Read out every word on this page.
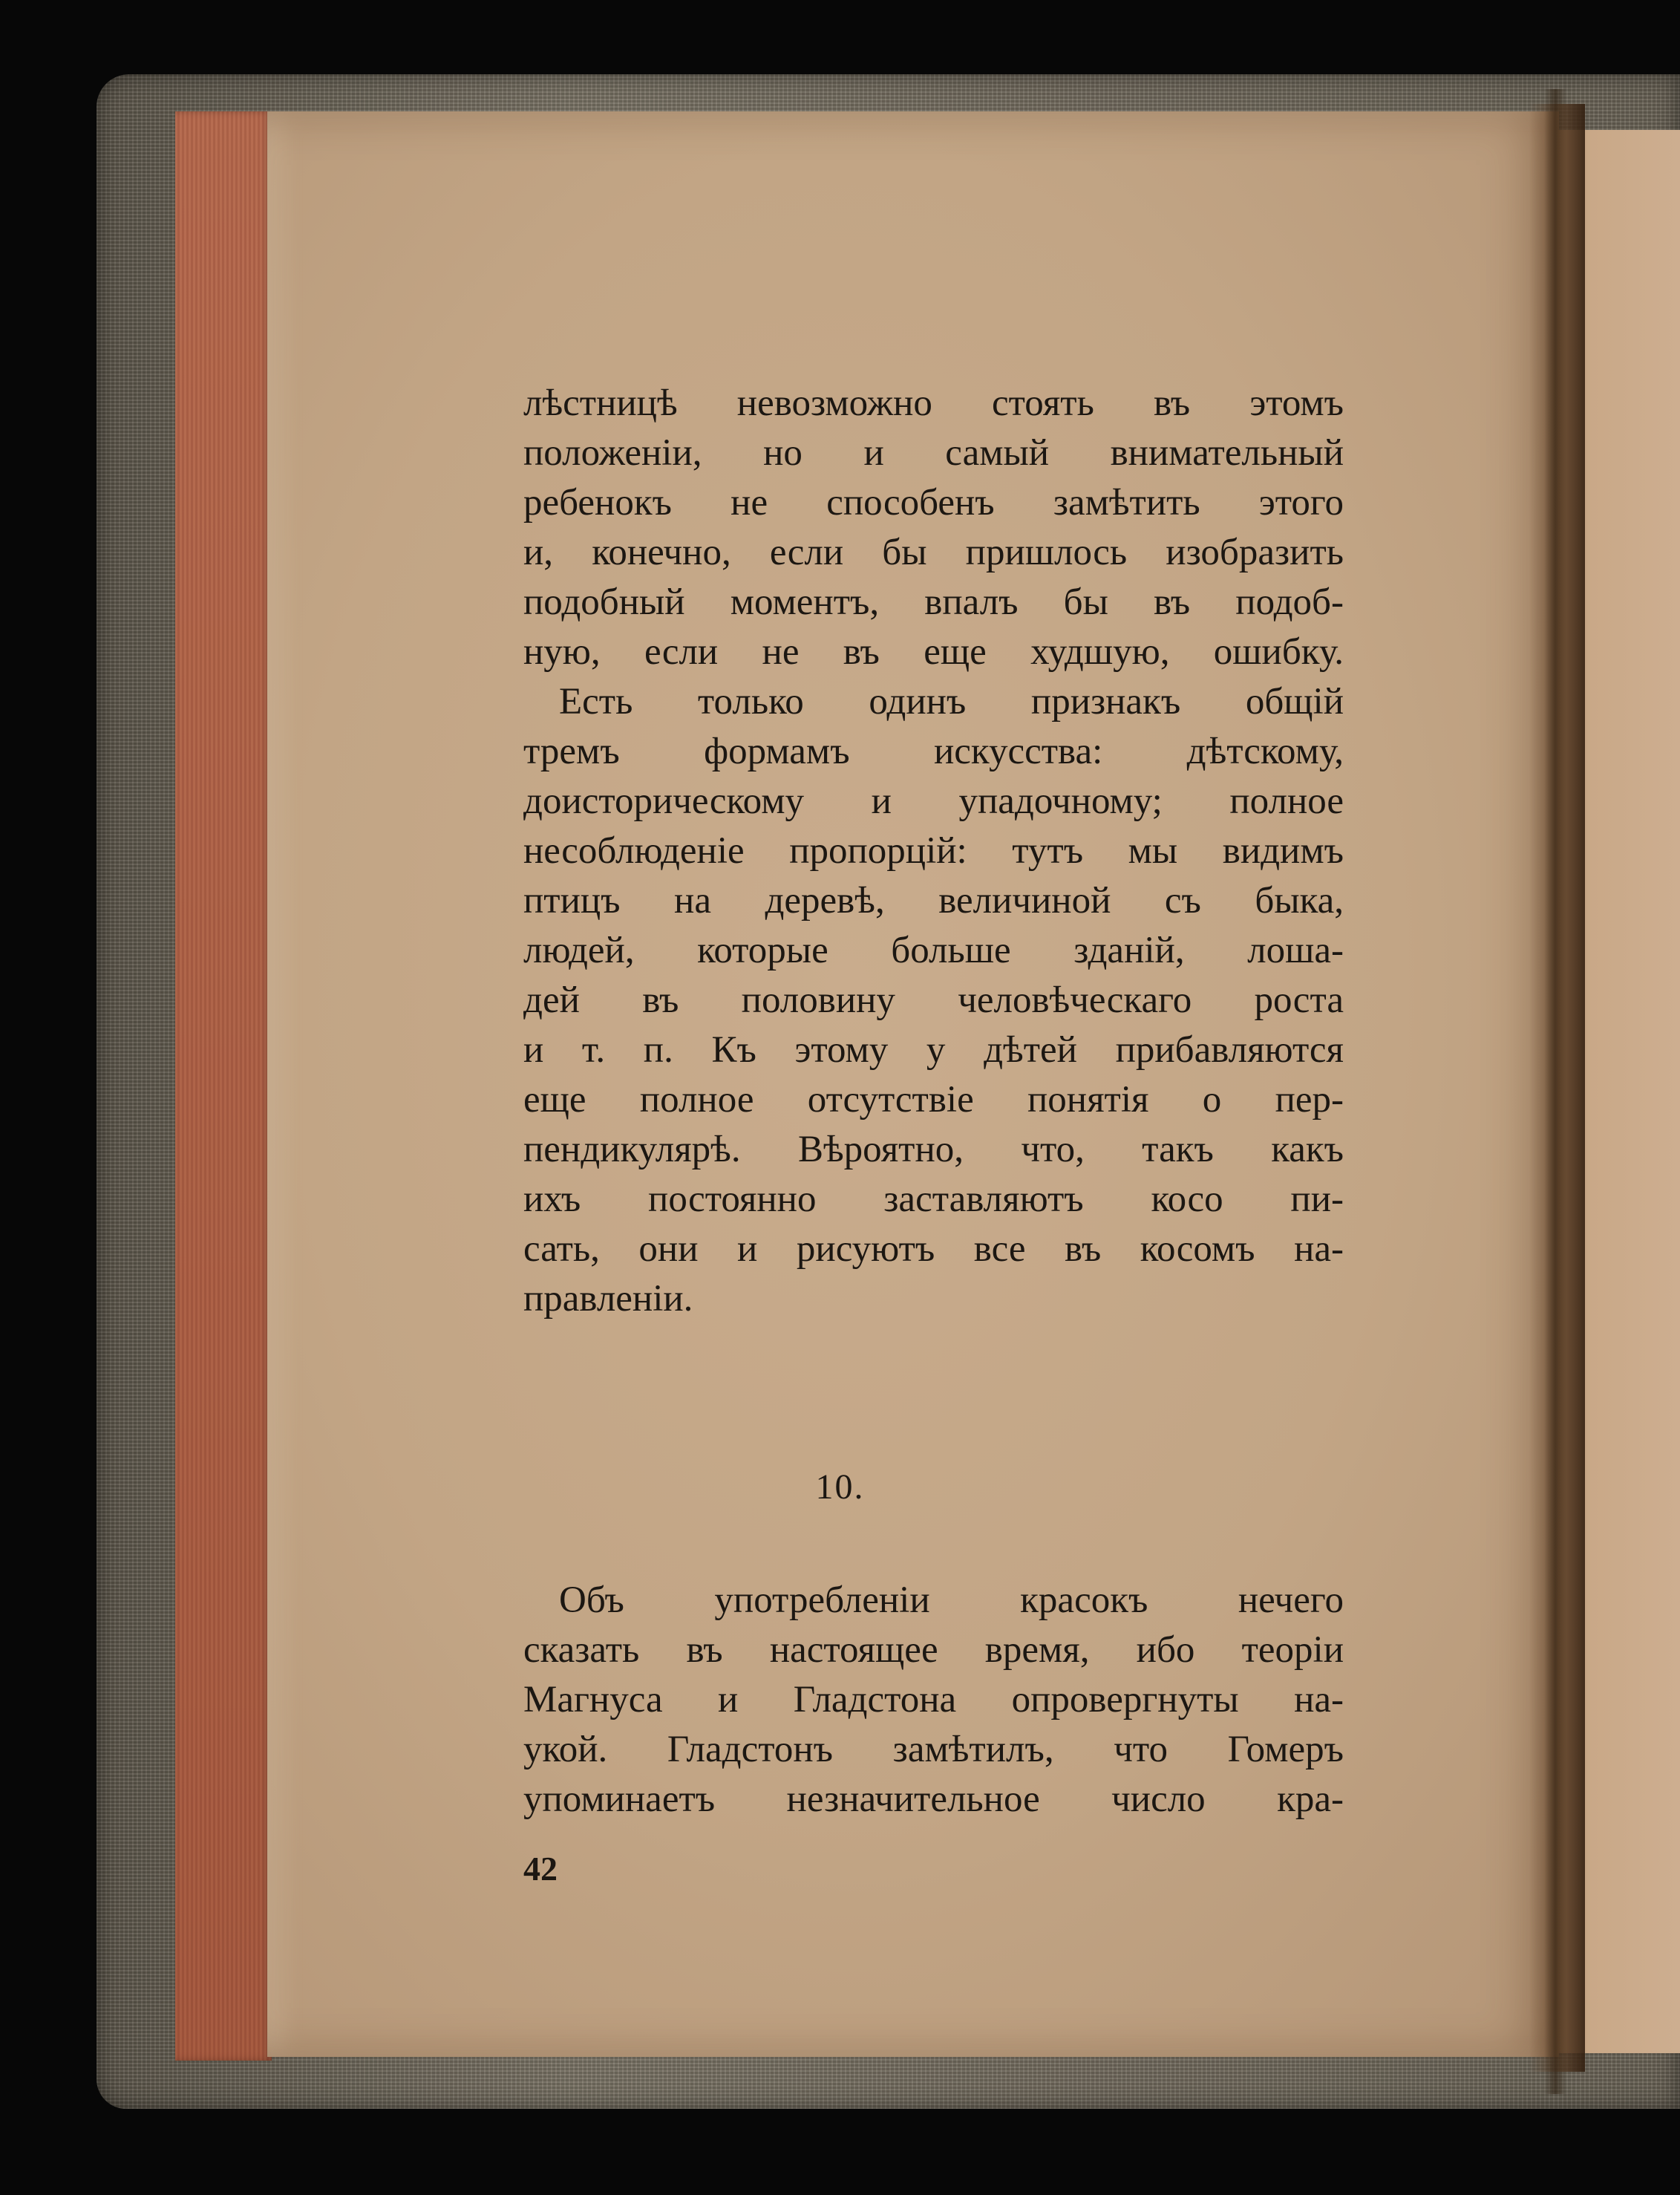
лѣстницѣ невозможно стоять въ этомъ
положенiи, но и самый внимательный
ребенокъ не способенъ замѣтить этого
и, конечно, если бы пришлось изобразить
подобный моментъ, впалъ бы въ подоб-
ную, если не въ еще худшую, ошибку.
Есть только одинъ признакъ общiй
тремъ формамъ искусства: дѣтскому,
доисторическому и упадочному; полное
несоблюденiе пропорцiй: тутъ мы видимъ
птицъ на деревѣ, величиной съ быка,
людей, которые больше зданiй, лоша-
дей въ половину человѣческаго роста
и т. п. Къ этому у дѣтей прибавляются
еще полное отсутствiе понятiя о пер-
пендикулярѣ. Вѣроятно, что, такъ какъ
ихъ постоянно заставляютъ косо пи-
сать, они и рисуютъ все въ косомъ на-
правленiи.
10.
Объ употребленiи красокъ нечего
сказать въ настоящее время, ибо теорiи
Магнуса и Гладстона опровергнуты на-
укой. Гладстонъ замѣтилъ, что Гомеръ
упоминаетъ незначительное число кра-
42
